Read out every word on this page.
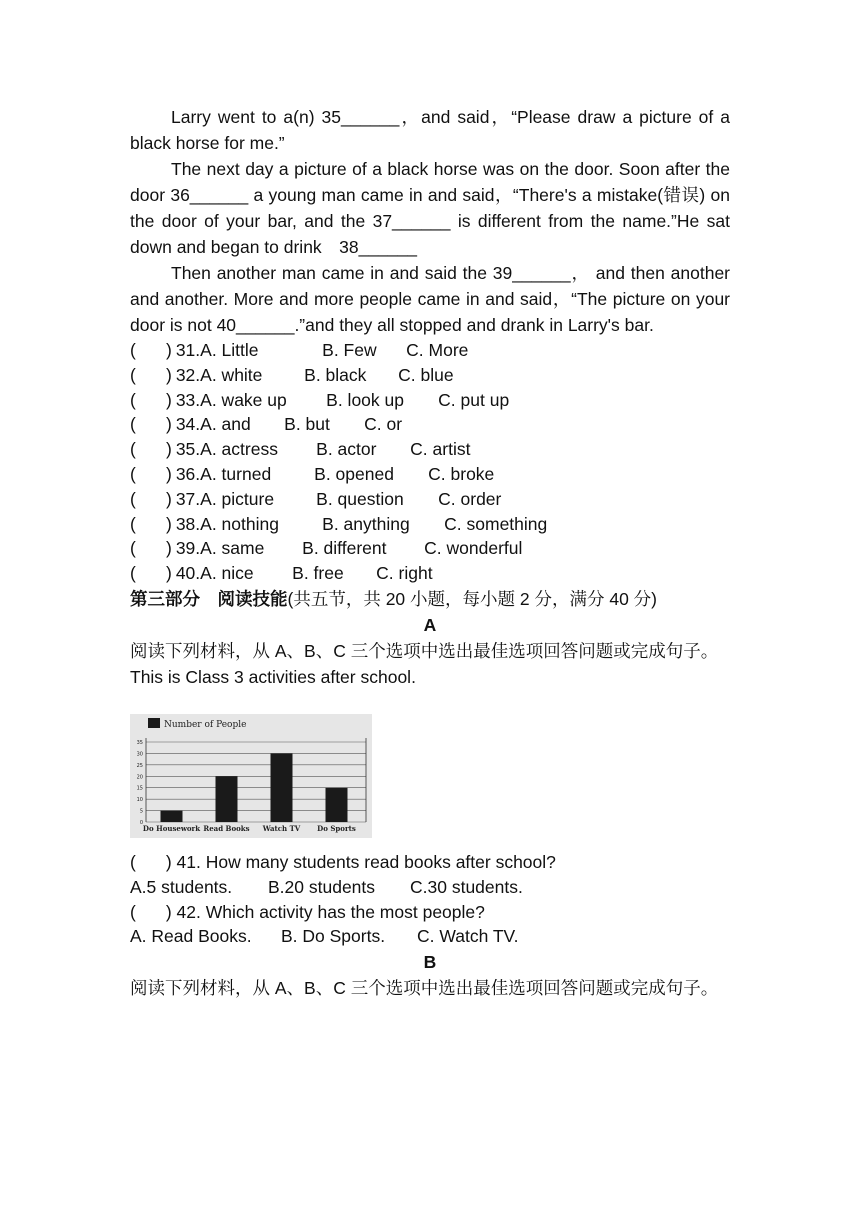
Larry went to a(n) 35______，and said，“Please draw a picture of a black horse for me.”

The next day a picture of a black horse was on the door. Soon after the door 36______ a young man came in and said，“There's a mistake(错误) on the door of your bar, and the 37______ is different from the name.”He sat down and began to drink　38______

Then another man came in and said the 39______， and then another and another. More and more people came in and said，“The picture on your door is not 40______.”and they all stopped and drank in Larry's bar.

( ) 31.A. Little	B. Few C. More
( ) 32.A. white B. black C. blue
( ) 33.A. wake up B. look up C. put up
( ) 34.A. and B. but C. or
( ) 35.A. actress B. actor C. artist
( ) 36.A. turned B. opened C. broke
( ) 37.A. picture B. question C. order
( ) 38.A. nothing B. anything C. something
( ) 39.A. same B. different C. wonderful
( ) 40.A. nice B. free C. right
第三部分　阅读技能(共五节，共 20 小题，每小题 2 分，满分 40 分)
A

阅读下列材料，从 A、B、C 三个选项中选出最佳选项回答问题或完成句子。

This is Class 3 activities after school.
Number of People
0
5
10
15
20
25
30
35
Do Housework Read Books Watch TV Do Sports
( ) 41. How many students read books after school?
A.5 students. B.20 students C.30 students.
( ) 42. Which activity has the most people?
A. Read Books. B. Do Sports. C. Watch TV.
B

阅读下列材料，从 A、B、C 三个选项中选出最佳选项回答问题或完成句子。
